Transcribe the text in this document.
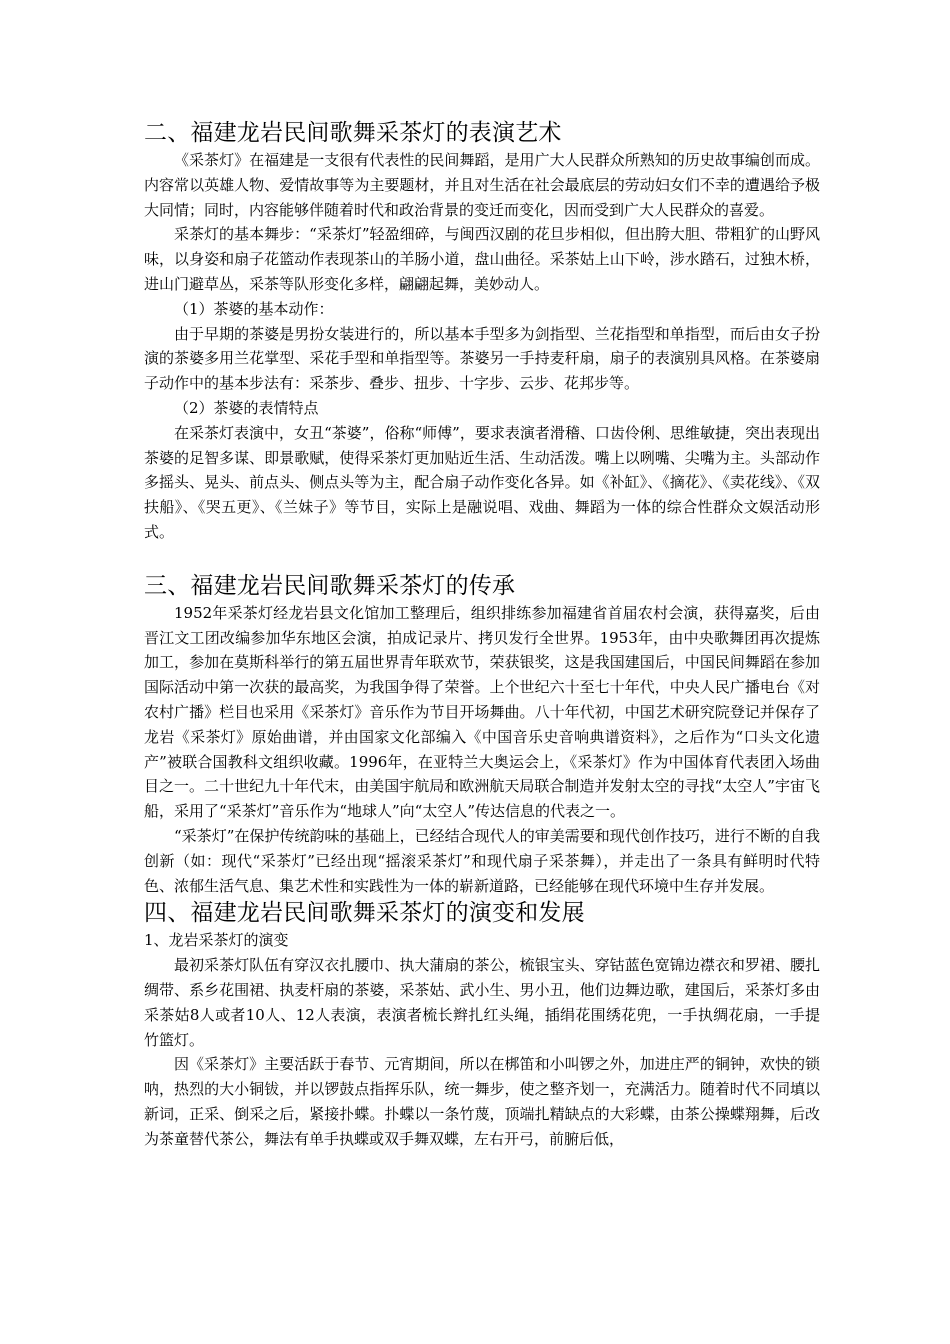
二、福建龙岩民间歌舞采茶灯的表演艺术

《采茶灯》在福建是一支很有代表性的民间舞蹈，是用广大人民群众所熟知的历史故事编创而成。内容常以英雄人物、爱情故事等为主要题材，并且对生活在社会最底层的劳动妇女们不幸的遭遇给予极大同情；同时，内容能够伴随着时代和政治背景的变迁而变化，因而受到广大人民群众的喜爱。

采茶灯的基本舞步：“采茶灯”轻盈细碎，与闽西汉剧的花旦步相似，但出胯大胆、带粗犷的山野风味，以身姿和扇子花篮动作表现茶山的羊肠小道，盘山曲径。采茶姑上山下岭，涉水踏石，过独木桥，进山门避草丛，采茶等队形变化多样，翩翩起舞，美妙动人。

（1）茶婆的基本动作：

由于早期的茶婆是男扮女装进行的，所以基本手型多为剑指型、兰花指型和单指型，而后由女子扮演的茶婆多用兰花掌型、采花手型和单指型等。茶婆另一手持麦秆扇，扇子的表演别具风格。在茶婆扇子动作中的基本步法有：采茶步、叠步、扭步、十字步、云步、花邦步等。

（2）茶婆的表情特点

在采茶灯表演中，女丑“茶婆”，俗称“师傅”，要求表演者滑稽、口齿伶俐、思维敏捷，突出表现出茶婆的足智多谋、即景歌赋，使得采茶灯更加贴近生活、生动活泼。嘴上以咧嘴、尖嘴为主。头部动作多摇头、晃头、前点头、侧点头等为主，配合扇子动作变化各异。如《补缸》、《摘花》、《卖花线》、《双扶船》、《哭五更》、《兰妹子》等节目，实际上是融说唱、戏曲、舞蹈为一体的综合性群众文娱活动形式。

三、福建龙岩民间歌舞采茶灯的传承

1952年采茶灯经龙岩县文化馆加工整理后，组织排练参加福建省首届农村会演，获得嘉奖，后由晋江文工团改编参加华东地区会演，拍成记录片、拷贝发行全世界。1953年，由中央歌舞团再次提炼加工，参加在莫斯科举行的第五届世界青年联欢节，荣获银奖，这是我国建国后，中国民间舞蹈在参加国际活动中第一次获的最高奖，为我国争得了荣誉。上个世纪六十至七十年代，中央人民广播电台《对农村广播》栏目也采用《采茶灯》音乐作为节目开场舞曲。八十年代初，中国艺术研究院登记并保存了龙岩《采茶灯》原始曲谱，并由国家文化部编入《中国音乐史音响典谱资料》，之后作为“口头文化遗产”被联合国教科文组织收藏。1996年，在亚特兰大奥运会上，《采茶灯》作为中国体育代表团入场曲目之一。二十世纪九十年代末，由美国宇航局和欧洲航天局联合制造并发射太空的寻找“太空人”宇宙飞船，采用了“采茶灯”音乐作为“地球人”向“太空人”传达信息的代表之一。

“采茶灯”在保护传统韵味的基础上，已经结合现代人的审美需要和现代创作技巧，进行不断的自我创新（如：现代“采茶灯”已经出现“摇滚采茶灯”和现代扇子采茶舞），并走出了一条具有鲜明时代特色、浓郁生活气息、集艺术性和实践性为一体的崭新道路，已经能够在现代环境中生存并发展。

四、福建龙岩民间歌舞采茶灯的演变和发展

1、龙岩采茶灯的演变

最初采茶灯队伍有穿汉衣扎腰巾、执大蒲扇的茶公，梳银宝头、穿钴蓝色宽锦边襟衣和罗裙、腰扎绸带、系乡花围裙、执麦杆扇的茶婆，采茶姑、武小生、男小丑，他们边舞边歌，建国后，采茶灯多由采茶姑8人或者10人、12人表演，表演者梳长辫扎红头绳，插绢花围绣花兜，一手执绸花扇，一手提竹篮灯。

因《采茶灯》主要活跃于春节、元宵期间，所以在梆笛和小叫锣之外，加进庄严的铜钟，欢快的锁呐，热烈的大小铜钹，并以锣鼓点指挥乐队，统一舞步，使之整齐划一，充满活力。随着时代不同填以新词，正采、倒采之后，紧接扑蝶。扑蝶以一条竹蔑，顶端扎精缺点的大彩蝶，由茶公操蝶翔舞，后改为茶童替代茶公，舞法有单手执蝶或双手舞双蝶，左右开弓，前腑后低，
